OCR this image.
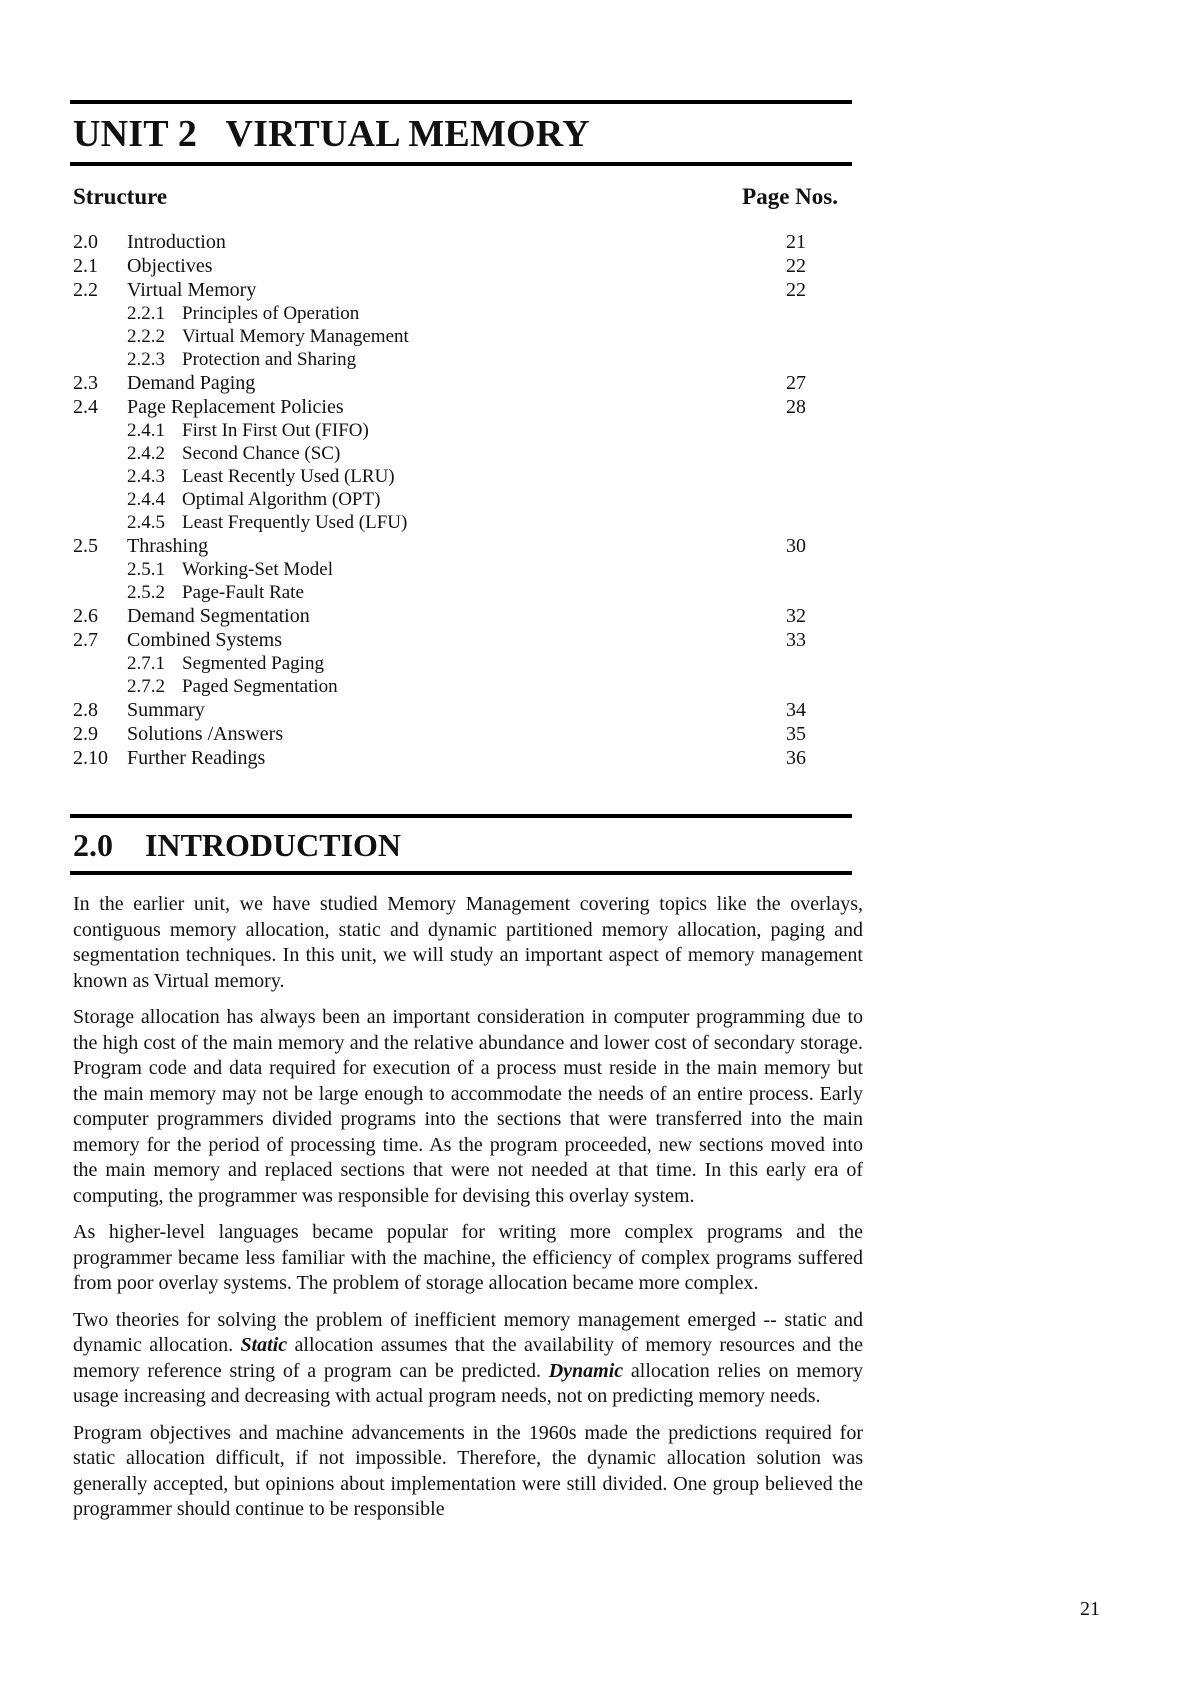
UNIT 2   VIRTUAL MEMORY
Structure	Page Nos.
2.0 Introduction	21
2.1 Objectives	22
2.2 Virtual Memory	22
2.2.1 Principles of Operation
2.2.2 Virtual Memory Management
2.2.3 Protection and Sharing
2.3 Demand Paging	27
2.4 Page Replacement Policies	28
2.4.1 First In First Out (FIFO)
2.4.2 Second Chance (SC)
2.4.3 Least Recently Used (LRU)
2.4.4 Optimal Algorithm (OPT)
2.4.5 Least Frequently Used (LFU)
2.5 Thrashing	30
2.5.1 Working-Set Model
2.5.2 Page-Fault Rate
2.6 Demand Segmentation	32
2.7 Combined Systems	33
2.7.1 Segmented Paging
2.7.2 Paged Segmentation
2.8 Summary	34
2.9 Solutions /Answers	35
2.10 Further Readings	36
2.0    INTRODUCTION

In the earlier unit, we have studied Memory Management covering topics like the overlays, contiguous memory allocation, static and dynamic partitioned memory allocation, paging and segmentation techniques. In this unit, we will study an important aspect of memory management known as Virtual memory.

Storage allocation has always been an important consideration in computer programming due to the high cost of the main memory and the relative abundance and lower cost of secondary storage. Program code and data required for execution of a process must reside in the main memory but the main memory may not be large enough to accommodate the needs of an entire process. Early computer programmers divided programs into the sections that were transferred into the main memory for the period of processing time. As the program proceeded, new sections moved into the main memory and replaced sections that were not needed at that time. In this early era of computing, the programmer was responsible for devising this overlay system.

As higher-level languages became popular for writing more complex programs and the programmer became less familiar with the machine, the efficiency of complex programs suffered from poor overlay systems. The problem of storage allocation became more complex.

Two theories for solving the problem of inefficient memory management emerged -- static and dynamic allocation. Static allocation assumes that the availability of memory resources and the memory reference string of a program can be predicted. Dynamic allocation relies on memory usage increasing and decreasing with actual program needs, not on predicting memory needs.

Program objectives and machine advancements in the 1960s made the predictions required for static allocation difficult, if not impossible. Therefore, the dynamic allocation solution was generally accepted, but opinions about implementation were still divided. One group believed the programmer should continue to be responsible

21
